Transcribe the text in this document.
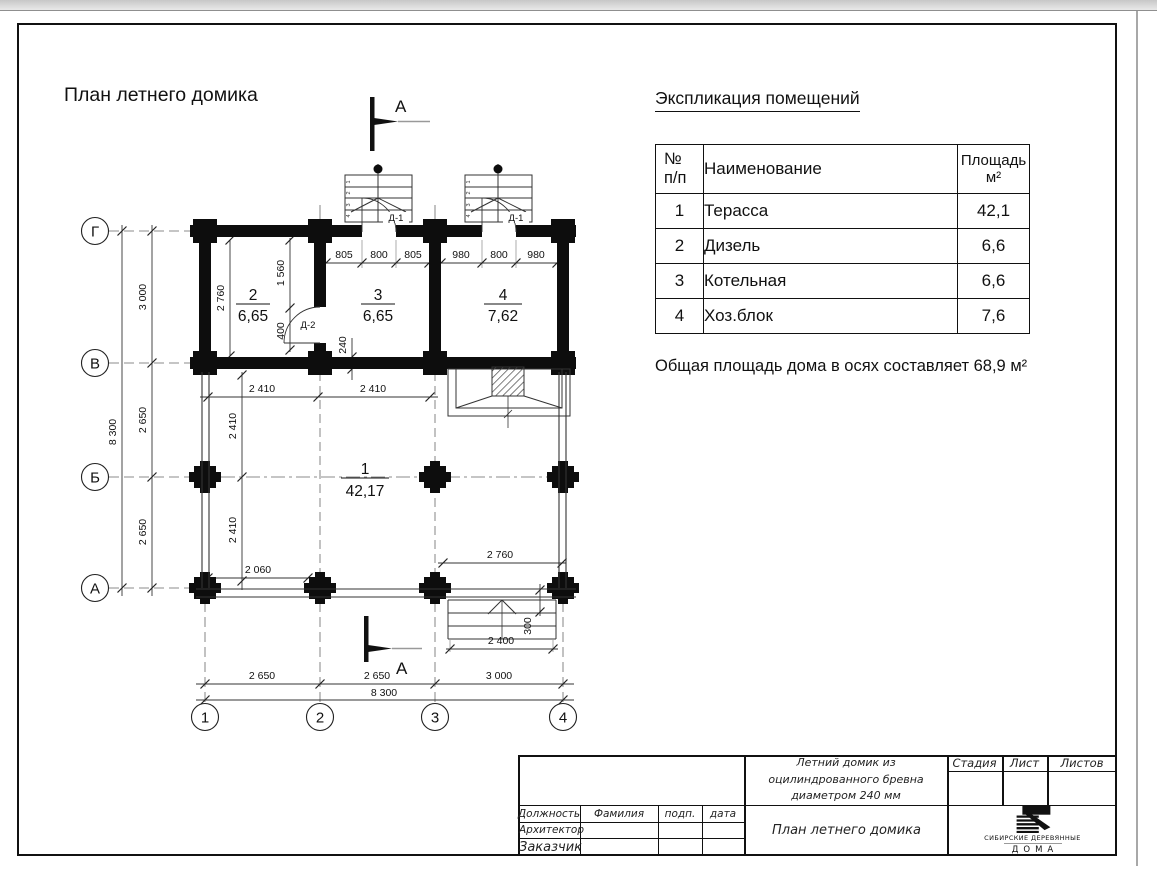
План летнего домика
А
А
Г
В
Б
А
1	2	3	4
3 000
2 650
2 650
8 300
2 650	2 650	3 000
8 300
805 800 805	980 800 980
2 760
1 560
400
240
2 410	2 410
2 410
2 410
2 060
2 760
2 400
300
2
6,65
3
6,65
4
7,62
1
42,17
Д-1	Д-1
Д-2
1
2
3
4
1
2
3
4
Экспликация помещений
№
п/п	Наименование	Площадь
м²

1	Терасса	42,1
2	Дизель	6,6
3	Котельная	6,6
4	Хоз.блок	7,6
Общая площадь дома в осях составляет 68,9 м²
Летний домик из оцилиндрованного бревна диаметром 240 мм
Стадия	Лист	Листов
Должность	Фамилия	подп.	дата
Архитектор
Заказчик
План летнего домика
СИБИРСКИЕ ДЕРЕВЯННЫЕ
ДОМА
